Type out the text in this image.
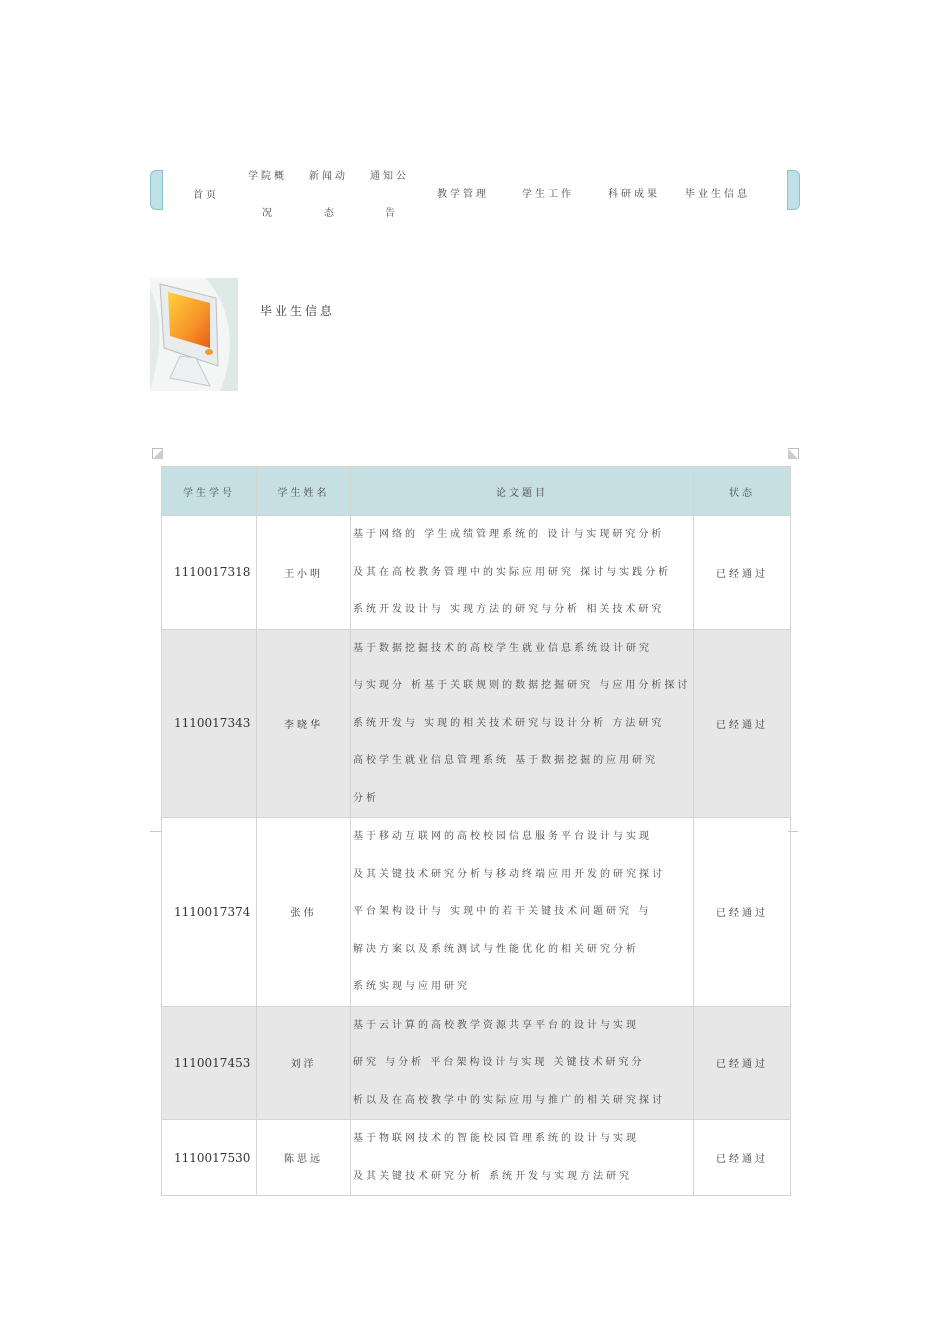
首页
学院概
况
新闻动
态
通知公
告
教学管理	学生工作	科研成果	毕业生信息
毕业生信息
学生学号	学生姓名	论文题目	状态
1110017318	王小明	基于网络的 学生成绩管理系统的 设计与实现研究分析
及其在高校教务管理中的实际应用研究 探讨与实践分析
系统开发设计与 实现方法的研究与分析 相关技术研究	已经通过
1110017343	李晓华	基于数据挖掘技术的高校学生就业信息系统设计研究
与实现分 析基于关联规则的数据挖掘研究 与应用分析探讨
系统开发与 实现的相关技术研究与设计分析 方法研究
高校学生就业信息管理系统 基于数据挖掘的应用研究
分析	已经通过
1110017374	张伟	基于移动互联网的高校校园信息服务平台设计与实现
及其关键技术研究分析与移动终端应用开发的研究探讨
平台架构设计与 实现中的若干关键技术问题研究 与
解决方案以及系统测试与性能优化的相关研究分析
系统实现与应用研究	已经通过
1110017453	刘洋	基于云计算的高校教学资源共享平台的设计与实现
研究 与分析 平台架构设计与实现 关键技术研究分
析以及在高校教学中的实际应用与推广的相关研究探讨	已经通过
1110017530	陈思远	基于物联网技术的智能校园管理系统的设计与实现
及其关键技术研究分析 系统开发与实现方法研究	已经通过
